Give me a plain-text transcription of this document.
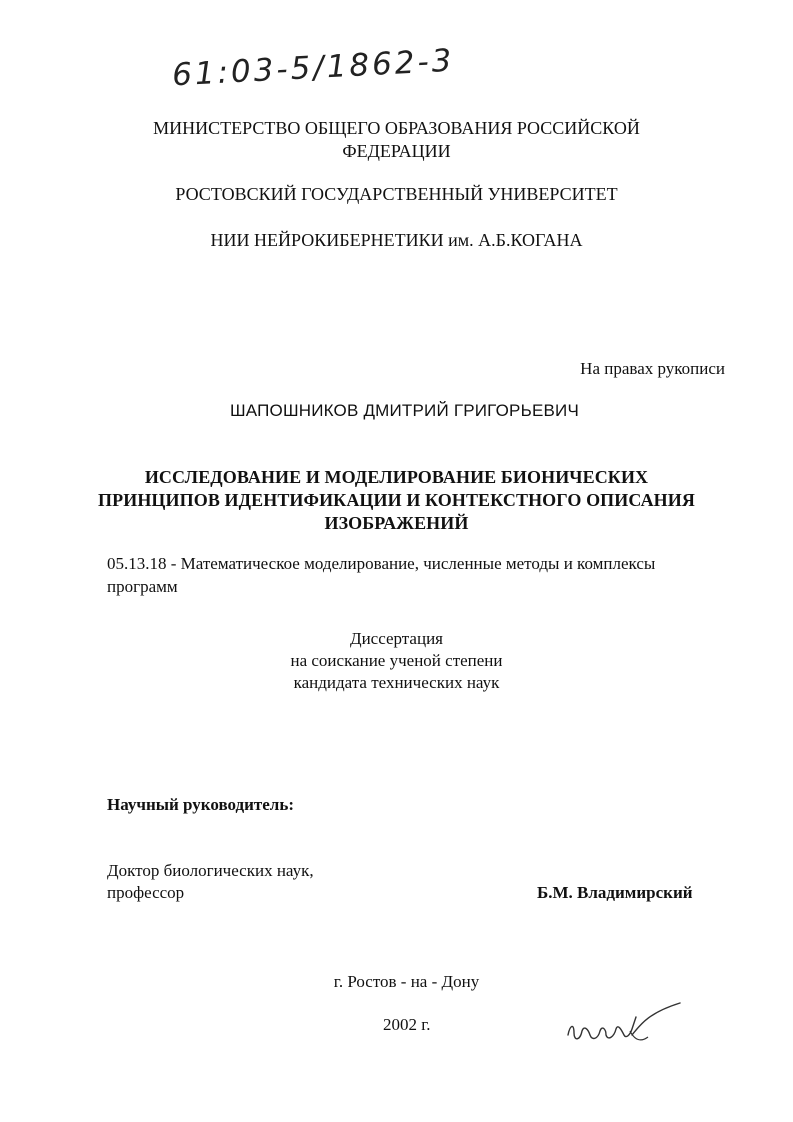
61:03-5/1862-3
МИНИСТЕРСТВО ОБЩЕГО ОБРАЗОВАНИЯ РОССИЙСКОЙ
ФЕДЕРАЦИИ
РОСТОВСКИЙ ГОСУДАРСТВЕННЫЙ УНИВЕРСИТЕТ
НИИ НЕЙРОКИБЕРНЕТИКИ им. А.Б.КОГАНА
На правах рукописи
ШАПОШНИКОВ ДМИТРИЙ ГРИГОРЬЕВИЧ
ИССЛЕДОВАНИЕ И МОДЕЛИРОВАНИЕ БИОНИЧЕСКИХ
ПРИНЦИПОВ ИДЕНТИФИКАЦИИ И КОНТЕКСТНОГО ОПИСАНИЯ
ИЗОБРАЖЕНИЙ
05.13.18 - Математическое моделирование, численные методы и комплексы
программ
Диссертация
на соискание ученой степени
кандидата технических наук
Научный руководитель:
Доктор биологических наук,
профессор	Б.М. Владимирский
г. Ростов - на - Дону
2002 г.
